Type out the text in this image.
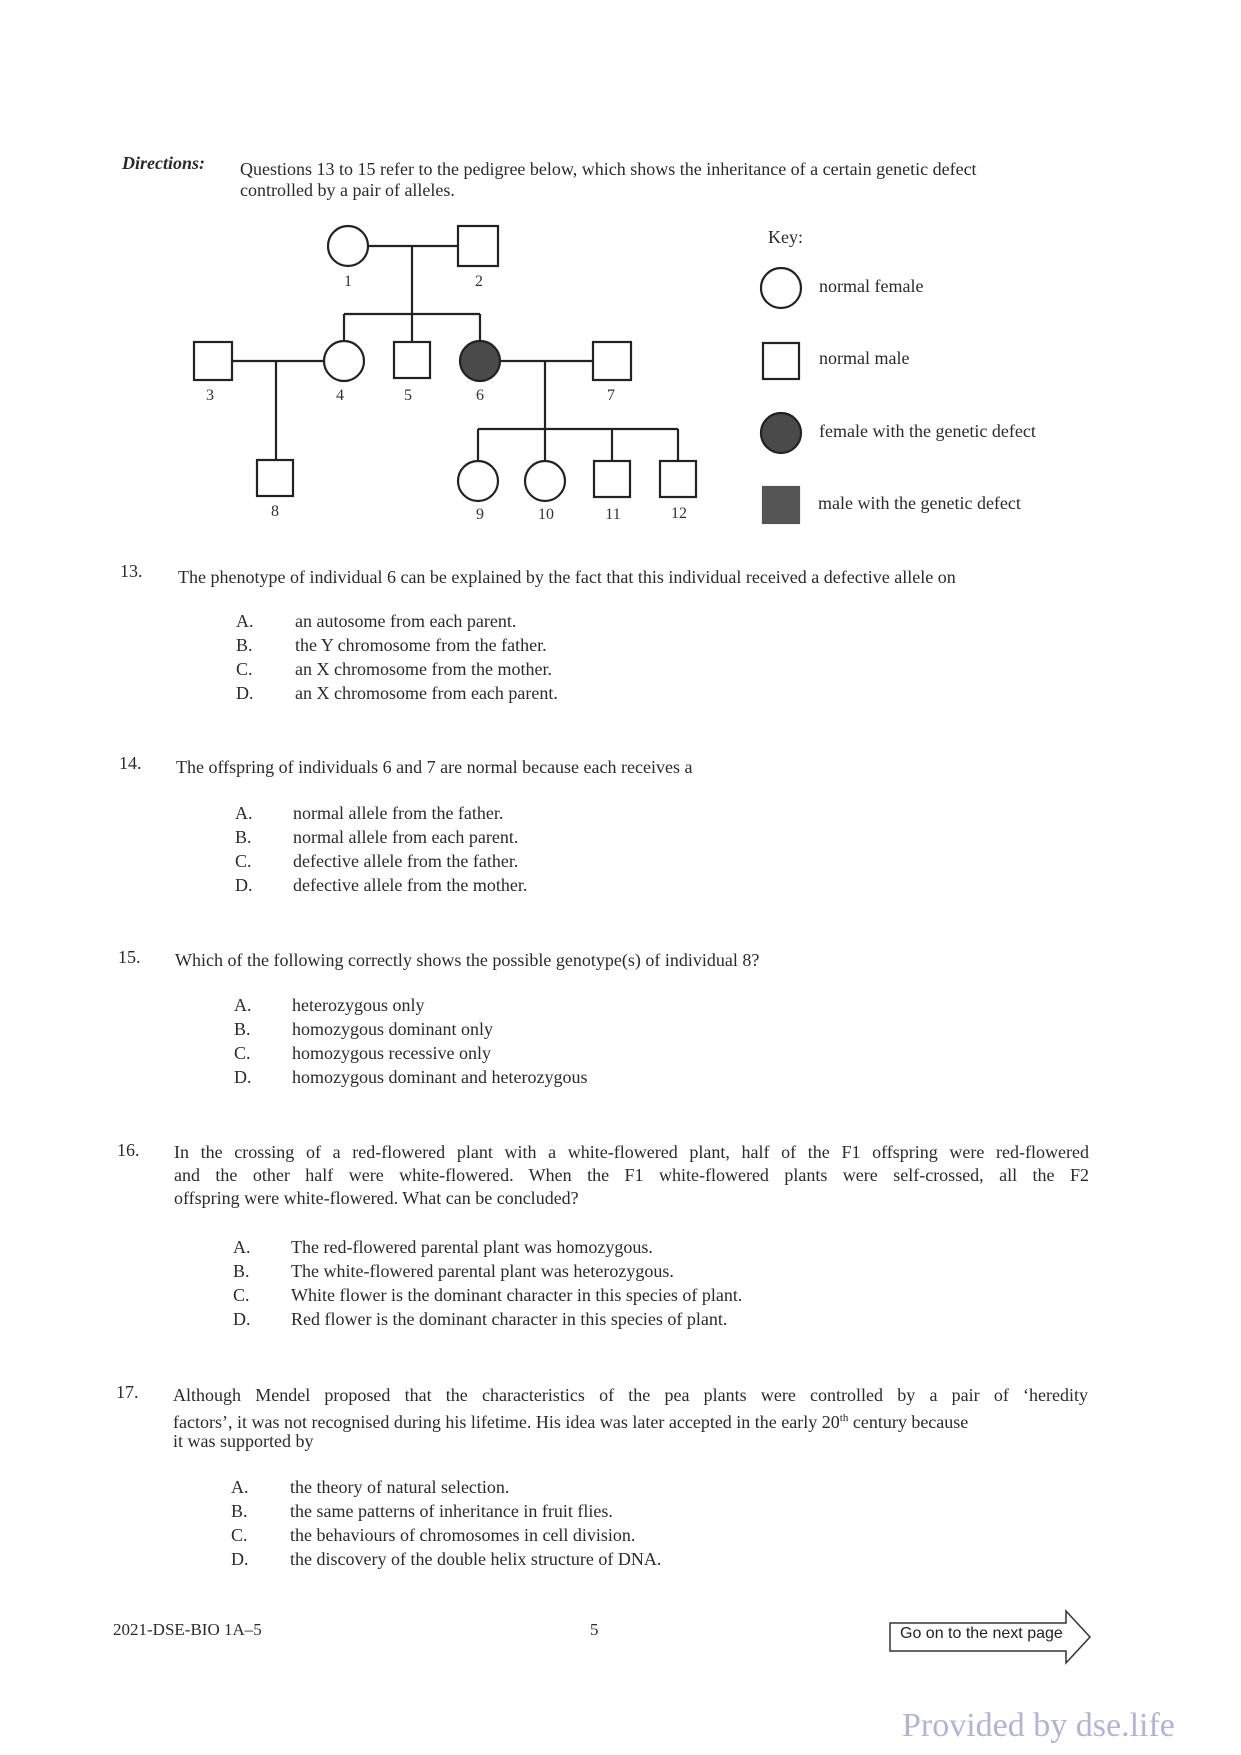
Directions: Questions 13 to 15 refer to the pedigree below, which shows the inheritance of a certain genetic defect
controlled by a pair of alleles.
1	2
3	4	5	6	7
8	9	10	11	12
Key:
normal female
normal male
female with the genetic defect
male with the genetic defect
13. The phenotype of individual 6 can be explained by the fact that this individual received a defective allele on
A. an autosome from each parent.
B. the Y chromosome from the father.
C. an X chromosome from the mother.
D. an X chromosome from each parent.
14. The offspring of individuals 6 and 7 are normal because each receives a
A. normal allele from the father.
B. normal allele from each parent.
C. defective allele from the father.
D. defective allele from the mother.
15. Which of the following correctly shows the possible genotype(s) of individual 8?
A. heterozygous only
B. homozygous dominant only
C. homozygous recessive only
D. homozygous dominant and heterozygous
16. In the crossing of a red-flowered plant with a white-flowered plant, half of the F1 offspring were red-flowered
and the other half were white-flowered. When the F1 white-flowered plants were self-crossed, all the F2
offspring were white-flowered. What can be concluded?
A. The red-flowered parental plant was homozygous.
B. The white-flowered parental plant was heterozygous.
C. White flower is the dominant character in this species of plant.
D. Red flower is the dominant character in this species of plant.
17. Although Mendel proposed that the characteristics of the pea plants were controlled by a pair of ‘heredity
factors’, it was not recognised during his lifetime. His idea was later accepted in the early 20th century because
it was supported by
A. the theory of natural selection.
B. the same patterns of inheritance in fruit flies.
C. the behaviours of chromosomes in cell division.
D. the discovery of the double helix structure of DNA.
2021-DSE-BIO 1A–5	5	Go on to the next page
Provided by dse.life
